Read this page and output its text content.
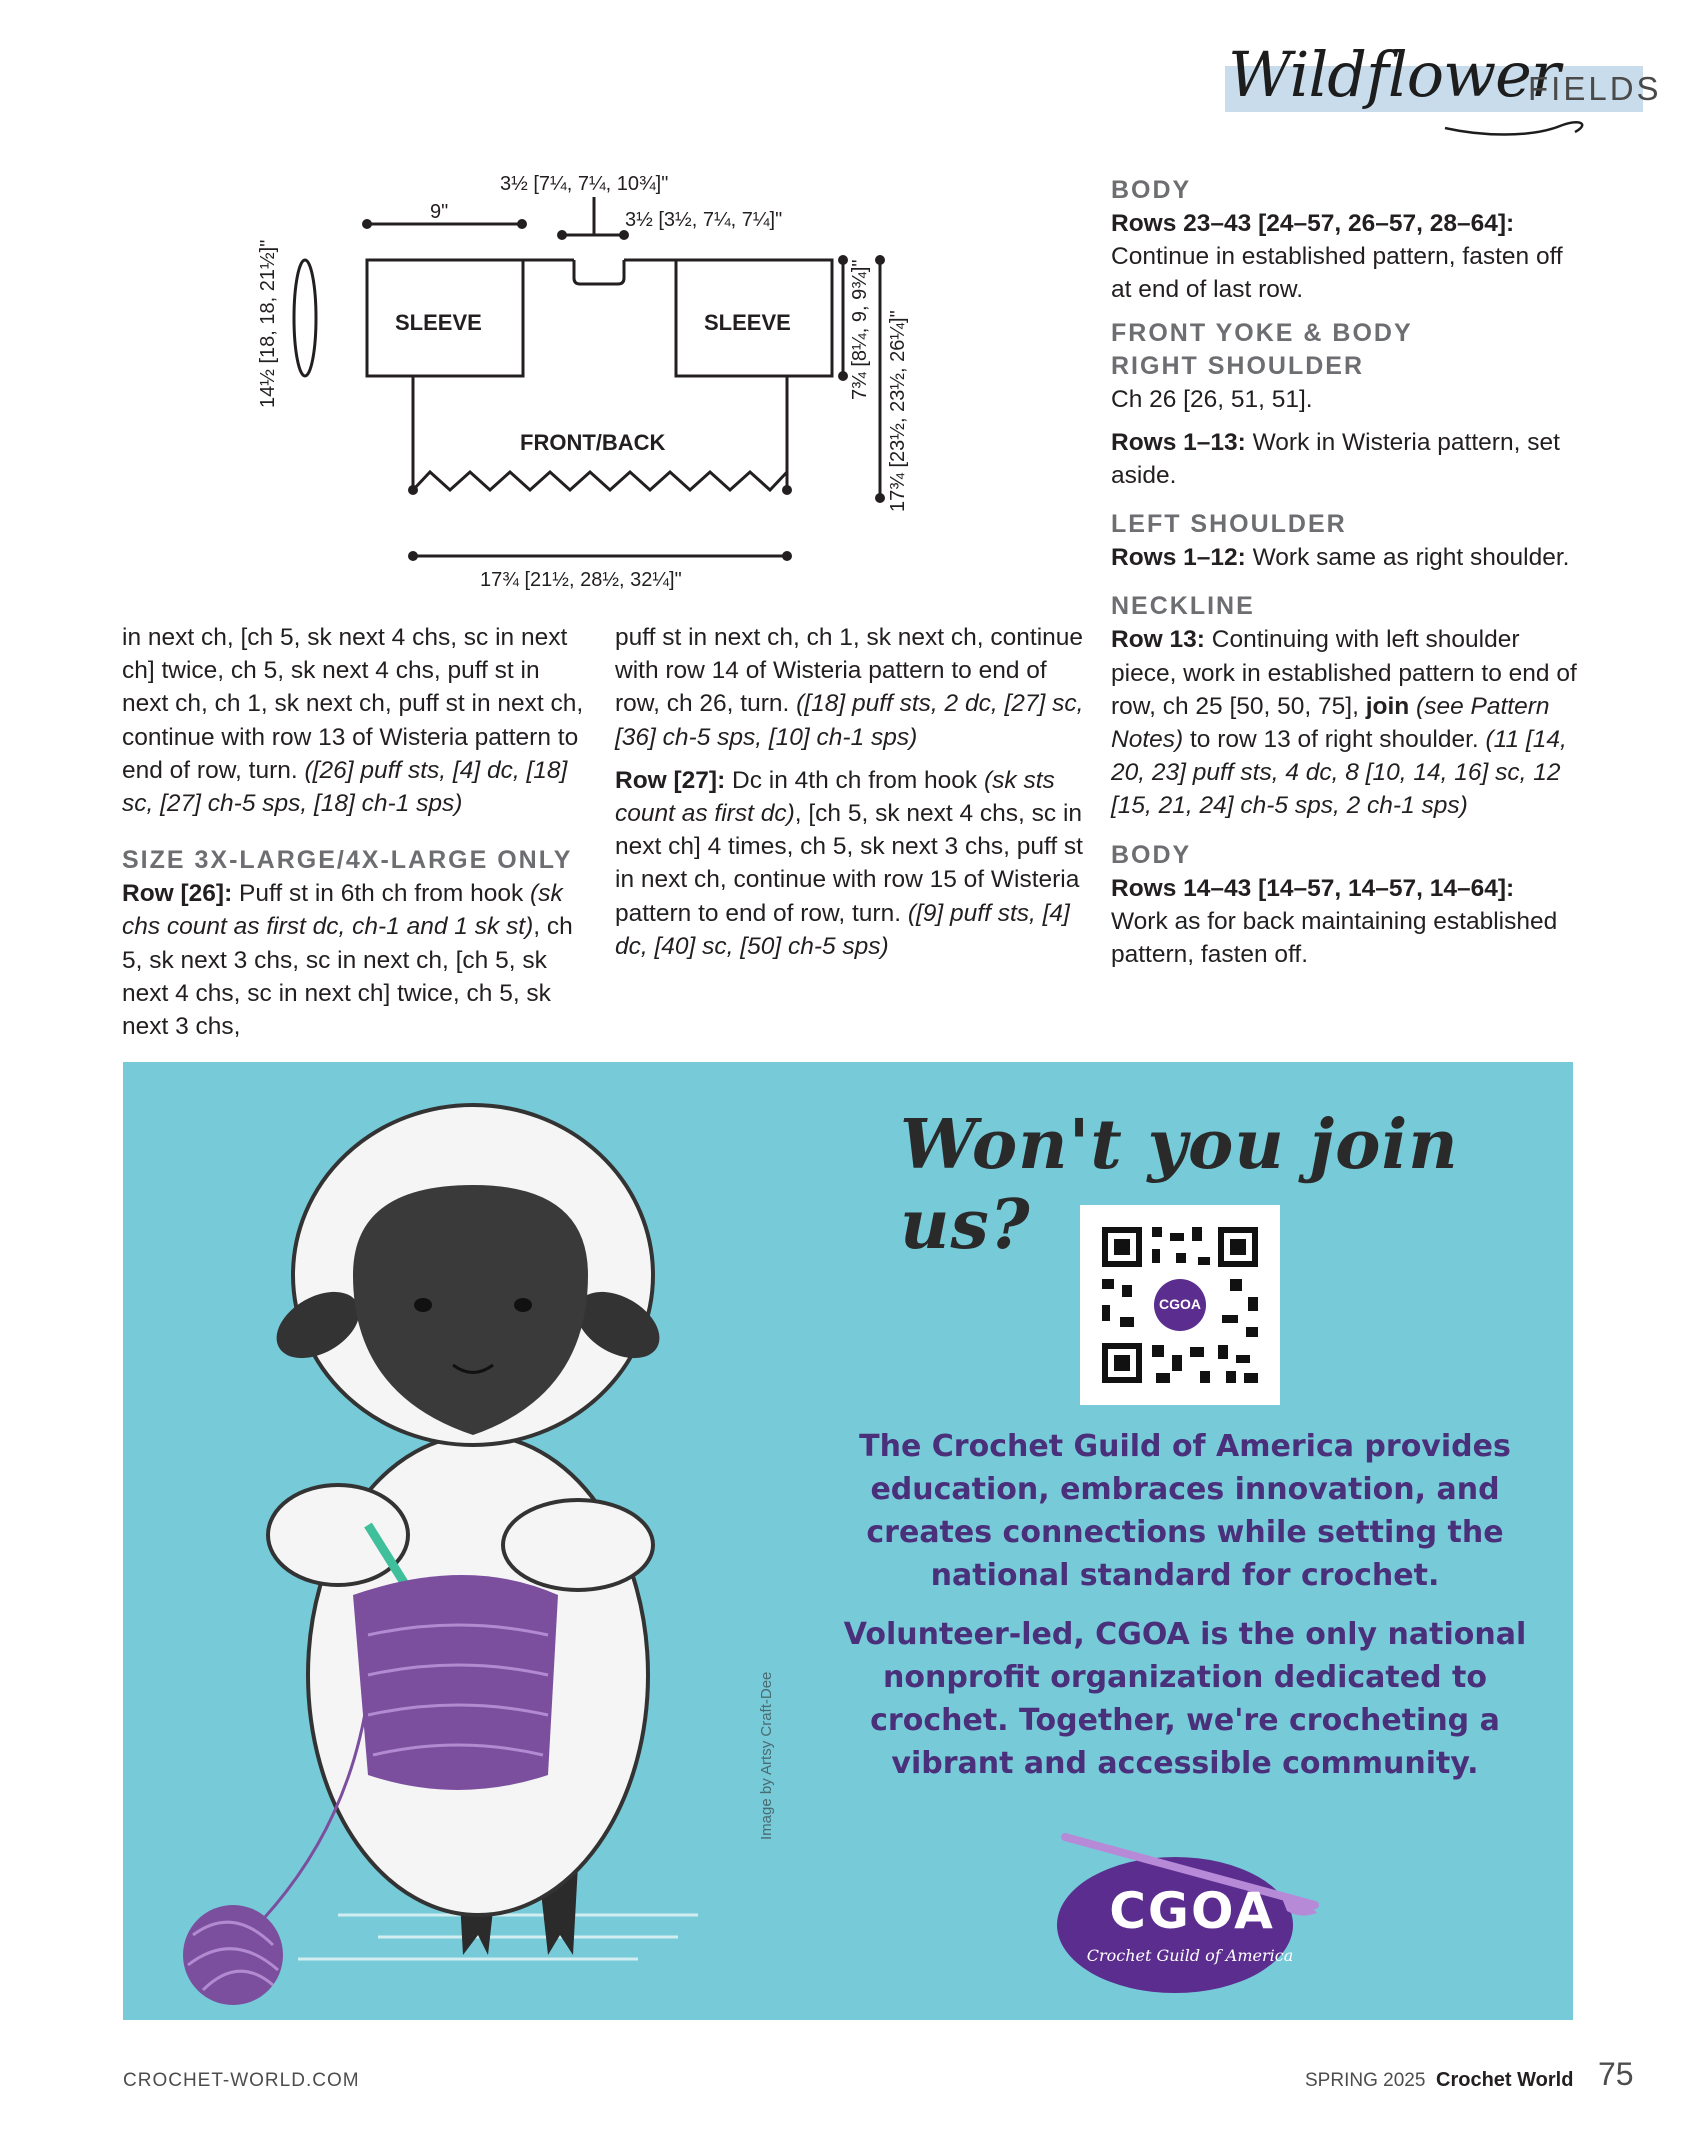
Wildflower
FIELDS
3½ [7¼, 7¼, 10¾]"
9"	3½ [3½, 7¼, 7¼]"
SLEEVE	SLEEVE
FRONT/BACK
14½ [18, 18, 21½]"	7¾ [8¼, 9, 9¾]" 17¾ [23½, 23½, 26¼]"
17¾ [21½, 28½, 32¼]"

in next ch, [ch 5, sk next 4 chs, sc in next ch] twice, ch 5, sk next 4 chs, puff st in next ch, ch 1, sk next ch, puff st in next ch, continue with row 13 of Wisteria pattern to end of row, turn. ([26] puff sts, [4] dc, [18] sc, [27] ch-5 sps, [18] ch-1 sps)

SIZE 3X-LARGE/4X-LARGE ONLY

Row [26]: Puff st in 6th ch from hook (sk chs count as first dc, ch-1 and 1 sk st), ch 5, sk next 3 chs, sc in next ch, [ch 5, sk next 4 chs, sc in next ch] twice, ch 5, sk next 3 chs,

puff st in next ch, ch 1, sk next ch, continue with row 14 of Wisteria pattern to end of row, ch 26, turn. ([18] puff sts, 2 dc, [27] sc, [36] ch-5 sps, [10] ch-1 sps)

Row [27]: Dc in 4th ch from hook (sk sts count as first dc), [ch 5, sk next 4 chs, sc in next ch] 4 times, ch 5, sk next 3 chs, puff st in next ch, continue with row 15 of Wisteria pattern to end of row, turn. ([9] puff sts, [4] dc, [40] sc, [50] ch-5 sps)

BODY
Rows 23–43 [24–57, 26–57, 28–64]:

Continue in established pattern, fasten off at end of last row.

FRONT YOKE & BODY
RIGHT SHOULDER

Ch 26 [26, 51, 51].

Rows 1–13: Work in Wisteria pattern, set aside.

LEFT SHOULDER

Rows 1–12: Work same as right shoulder.

NECKLINE

Row 13: Continuing with left shoulder piece, work in established pattern to end of row, ch 25 [50, 50, 75], join (see Pattern Notes) to row 13 of right shoulder. (11 [14, 20, 23] puff sts, 4 dc, 8 [10, 14, 16] sc, 12 [15, 21, 24] ch-5 sps, 2 ch-1 sps)

BODY
Rows 14–43 [14–57, 14–57, 14–64]:

Work as for back maintaining established pattern, fasten off.

Won't you join us?
CGOA

The Crochet Guild of America provides education, embraces innovation, and creates connections while setting the national standard for crochet.

Volunteer-led, CGOA is the only national nonprofit organization dedicated to crochet. Together, we're crocheting a vibrant and accessible community.

Image by Artsy Craft-Dee
CGOA
Crochet Guild of America
CROCHET-WORLD.COM	SPRING 2025 Crochet World 75
